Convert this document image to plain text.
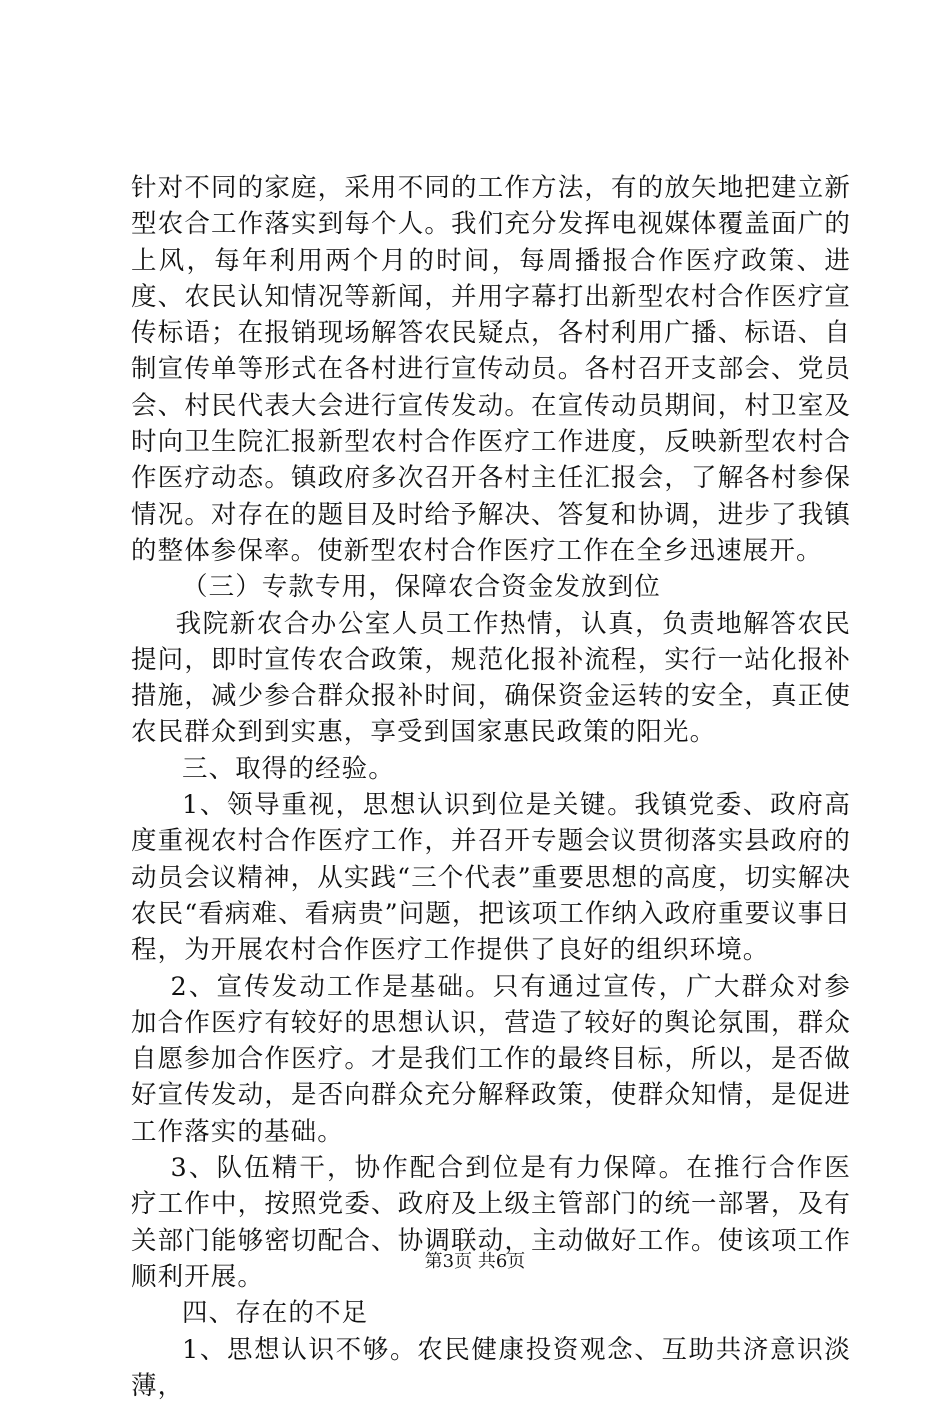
针对不同的家庭，采用不同的工作方法，有的放矢地把建立新型农合工作落实到每个人。我们充分发挥电视媒体覆盖面广的上风，每年利用两个月的时间，每周播报合作医疗政策、进度、农民认知情况等新闻，并用字幕打出新型农村合作医疗宣传标语；在报销现场解答农民疑点，各村利用广播、标语、自制宣传单等形式在各村进行宣传动员。各村召开支部会、党员会、村民代表大会进行宣传发动。在宣传动员期间，村卫室及时向卫生院汇报新型农村合作医疗工作进度，反映新型农村合作医疗动态。镇政府多次召开各村主任汇报会，了解各村参保情况。对存在的题目及时给予解决、答复和协调，进步了我镇的整体参保率。使新型农村合作医疗工作在全乡迅速展开。

（三）专款专用，保障农合资金发放到位

我院新农合办公室人员工作热情，认真，负责地解答农民提问，即时宣传农合政策，规范化报补流程，实行一站化报补措施，减少参合群众报补时间，确保资金运转的安全，真正使农民群众到到实惠，享受到国家惠民政策的阳光。

三、取得的经验。

1、领导重视，思想认识到位是关键。我镇党委、政府高度重视农村合作医疗工作，并召开专题会议贯彻落实县政府的动员会议精神，从实践“三个代表”重要思想的高度，切实解决农民“看病难、看病贵”问题，把该项工作纳入政府重要议事日程，为开展农村合作医疗工作提供了良好的组织环境。

2、宣传发动工作是基础。只有通过宣传，广大群众对参加合作医疗有较好的思想认识，营造了较好的舆论氛围，群众自愿参加合作医疗。才是我们工作的最终目标，所以，是否做好宣传发动，是否向群众充分解释政策，使群众知情，是促进工作落实的基础。

3、队伍精干，协作配合到位是有力保障。在推行合作医疗工作中，按照党委、政府及上级主管部门的统一部署，及有关部门能够密切配合、协调联动，主动做好工作。使该项工作顺利开展。

四、存在的不足

1、思想认识不够。农民健康投资观念、互助共济意识淡薄，

第3页 共6页
